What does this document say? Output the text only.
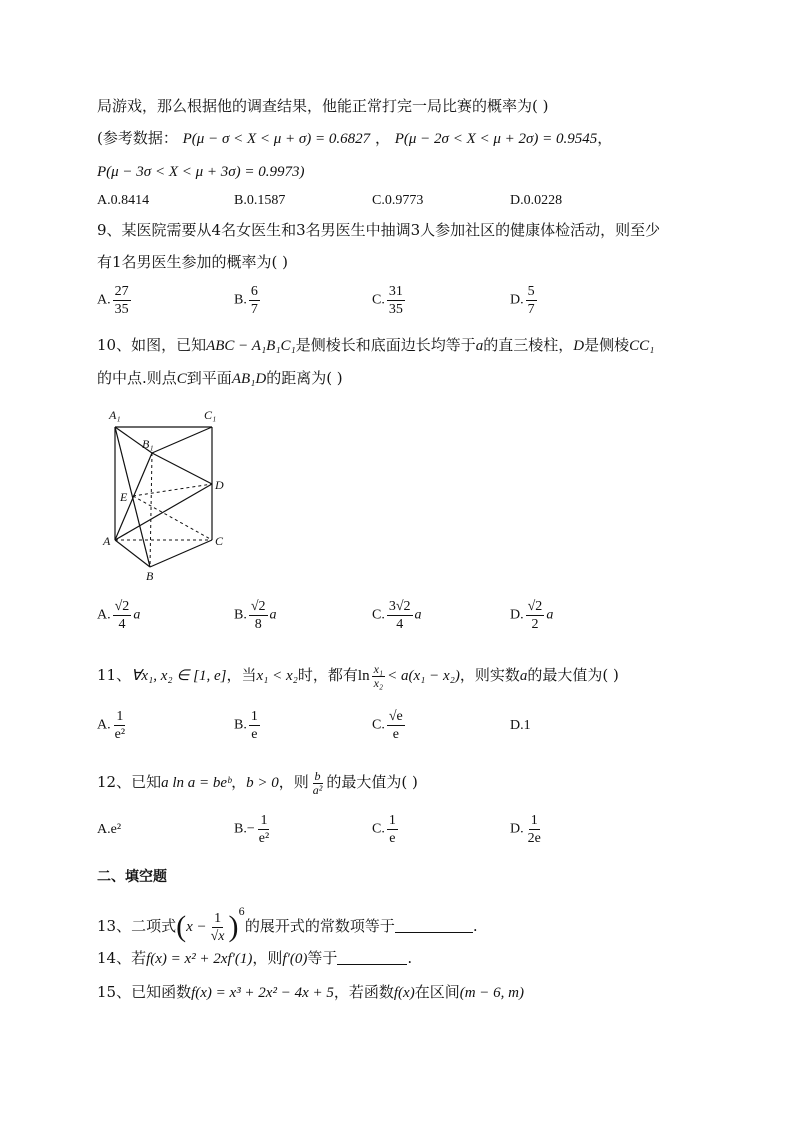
局游戏，那么根据他的调查结果，他能正常打完一局比赛的概率为( )
(参考数据： P(μ − σ < X < μ + σ) = 0.6827 ， P(μ − 2σ < X < μ + 2σ) = 0.9545，
P(μ − 3σ < X < μ + 3σ) = 0.9973)
A.0.8414	B.0.1587	C.0.9773	D.0.0228
9、某医院需要从4名女医生和3名男医生中抽调3人参加社区的健康体检活动，则至少
有1名男医生参加的概率为( )
A. $\frac{27}{35}$	B. $\frac{6}{7}$	C. $\frac{31}{35}$	D. $\frac{5}{7}$
10、如图，已知ABC − A₁B₁C₁是侧棱长和底面边长均等于a的直三棱柱，D是侧棱CC₁
的中点.则点C到平面AB₁D的距离为( )
A₁	C₁
B₁
E
D
A	C
B
A. $\frac{√2}{4}$ a	B. $\frac{√2}{8}$ a	C. $\frac{3√2}{4}$ a	D. $\frac{√2}{2}$ a
11、∀x₁, x₂ ∈ [1, e]，当x₁ < x₂时，都有$\ln \frac{\text{x₁}}{\text{x₂}} < a(x_1 - x_2)$，则实数a的最大值为( )
A. $\frac{1}{\text{e²}}$	B. $\frac{1}{e}$	C. $\frac{√e}{e}$	D.1
12、已知a ln a = beᵇ，b > 0，则 $\frac{b}{\text{a²}}$ 的最大值为( )
A.e²	$B.- \frac{1}{\text{e²}}$	C. $\frac{1}{e}$	D. $\frac{1}{2e}$
二、填空题
13、二项式$(x - \frac{1}{√x} )^6$的展开式的常数项等于	.
14、若f(x) = x² + 2xf′(1)，则f′(0)等于	.
15、已知函数f(x) = x³ + 2x² − 4x + 5，若函数f(x)在区间(m − 6, m)
